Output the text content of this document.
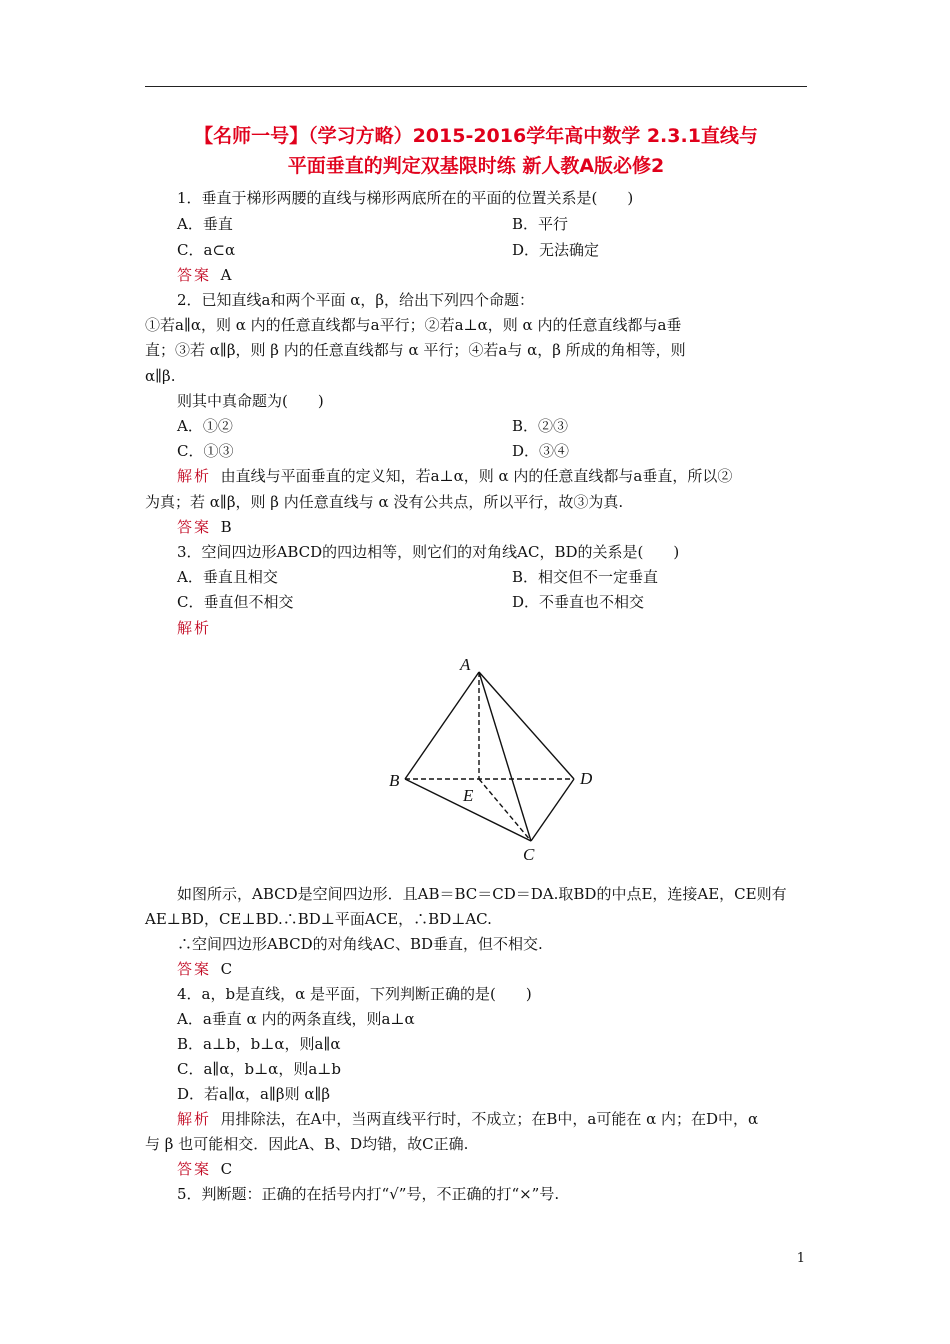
【名师一号】（学习方略）2015-2016学年高中数学 2.3.1直线与
平面垂直的判定双基限时练 新人教A版必修2
1．垂直于梯形两腰的直线与梯形两底所在的平面的位置关系是(　　)
A．垂直	B．平行
C．a⊂α	D．无法确定
答案 A
2．已知直线a和两个平面 α，β，给出下列四个命题：
①若a∥α，则 α 内的任意直线都与a平行；②若a⊥α，则 α 内的任意直线都与a垂
直；③若 α∥β，则 β 内的任意直线都与 α 平行；④若a与 α，β 所成的角相等，则
α∥β.
则其中真命题为(　　)
A．①②	B．②③
C．①③	D．③④
解析 由直线与平面垂直的定义知，若a⊥α，则 α 内的任意直线都与a垂直，所以②
为真；若 α∥β，则 β 内任意直线与 α 没有公共点，所以平行，故③为真.
答案 B
3．空间四边形ABCD的四边相等，则它们的对角线AC，BD的关系是(　　)
A．垂直且相交	B．相交但不一定垂直
C．垂直但不相交	D．不垂直也不相交
解析
A
B	D
E
C
如图所示，ABCD是空间四边形．且AB＝BC＝CD＝DA.取BD的中点E，连接AE，CE则有
AE⊥BD，CE⊥BD.∴BD⊥平面ACE，∴BD⊥AC.
∴空间四边形ABCD的对角线AC、BD垂直，但不相交.
答案 C
4．a，b是直线，α 是平面，下列判断正确的是(　　)
A．a垂直 α 内的两条直线，则a⊥α
B．a⊥b，b⊥α，则a∥α
C．a∥α，b⊥α，则a⊥b
D．若a∥α，a∥β则 α∥β
解析 用排除法，在A中，当两直线平行时，不成立；在B中，a可能在 α 内；在D中，α
与 β 也可能相交．因此A、B、D均错，故C正确.
答案 C
5．判断题：正确的在括号内打“√”号，不正确的打“×”号.
1
